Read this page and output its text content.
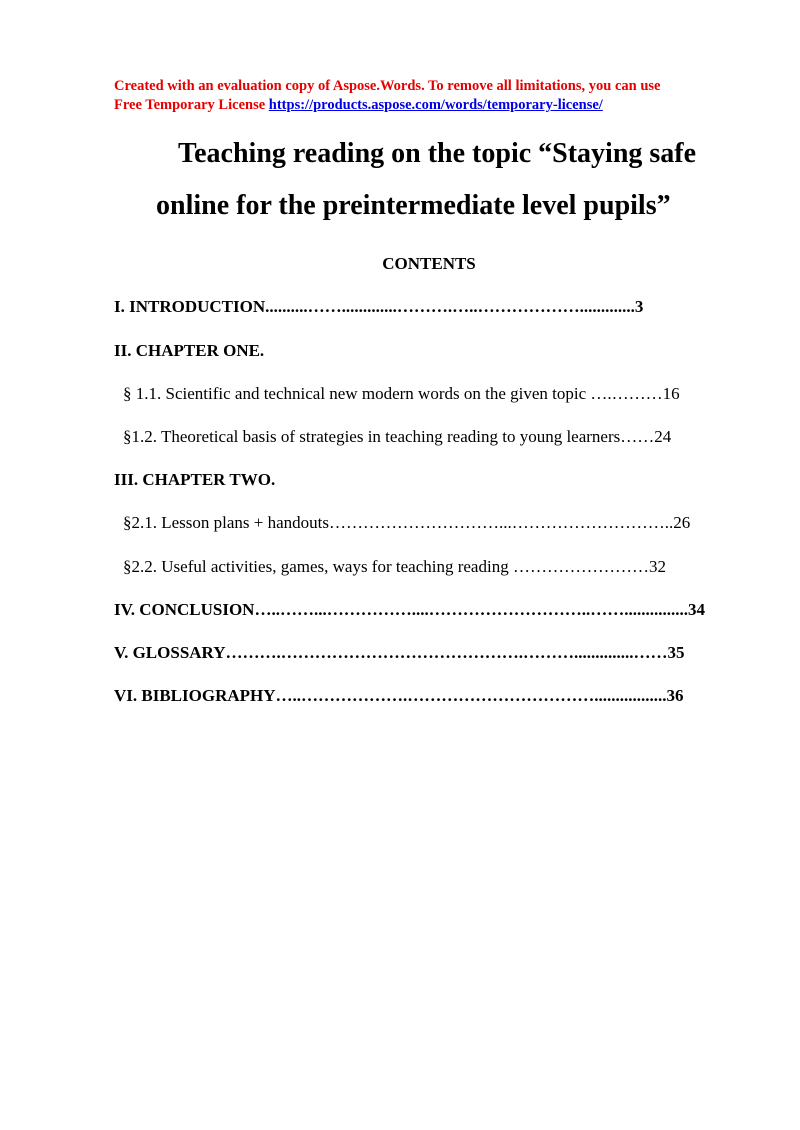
Created with an evaluation copy of Aspose.Words. To remove all limitations, you can use
Free Temporary License https://products.aspose.com/words/temporary-license/
Teaching reading on the topic “Staying safe
online for the preintermediate level pupils”
CONTENTS
I. INTRODUCTION..........…….............……….…..……………….............3
II. CHAPTER ONE.
§ 1.1. Scientific and technical new modern words on the given topic ….………16
§1.2. Theoretical basis of strategies in teaching reading to young learners……24
III. CHAPTER TWO.
§2.1. Lesson plans + handouts…………………………...………………………..26
§2.2. Useful activities, games, ways for teaching reading ……………………32
IV. CONCLUSION…..……...……………....………………………..……...............34
V. GLOSSARY……….…………………………………….………..............……35
VI. BIBLIOGRAPHY…..……………….…………………………….................36
